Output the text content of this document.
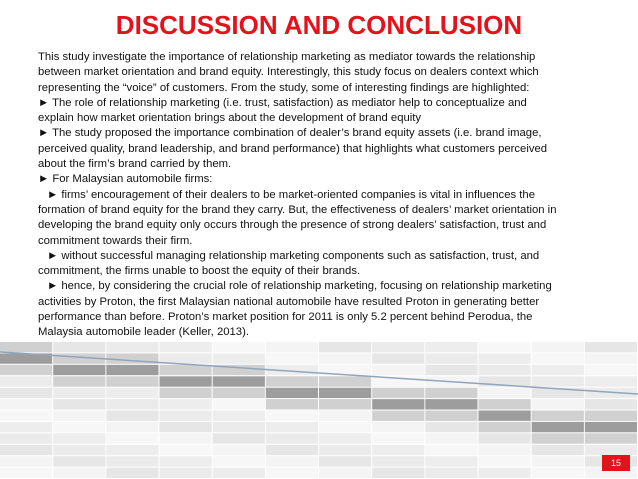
DISCUSSION AND CONCLUSION

This study investigate the importance of relationship marketing as mediator towards the relationship

between market orientation and brand equity. Interestingly, this study focus on dealers context which

representing the “voice” of customers. From the study, some of interesting findings are highlighted:

► The role of relationship marketing (i.e. trust, satisfaction) as mediator help to conceptualize and

explain how market orientation brings about the development of brand equity

► The study proposed the importance combination of dealer’s brand equity assets (i.e. brand image,

perceived quality, brand leadership, and brand performance) that highlights what customers perceived

about the firm’s brand carried by them.

► For Malaysian automobile firms:

► firms’ encouragement of their dealers to be market-oriented companies is vital in influences the

formation of brand equity for the brand they carry. But, the effectiveness of dealers’ market orientation in

developing the brand equity only occurs through the presence of strong dealers’ satisfaction, trust and

commitment towards their firm.

► without successful managing relationship marketing components such as satisfaction, trust, and

commitment, the firms unable to boost the equity of their brands.

► hence, by considering the crucial role of relationship marketing, focusing on relationship marketing

activities by Proton, the first Malaysian national automobile have resulted Proton in generating better

performance than before. Proton’s market position for 2011 is only 5.2 percent behind Perodua, the

Malaysia automobile leader (Keller, 2013).

15
